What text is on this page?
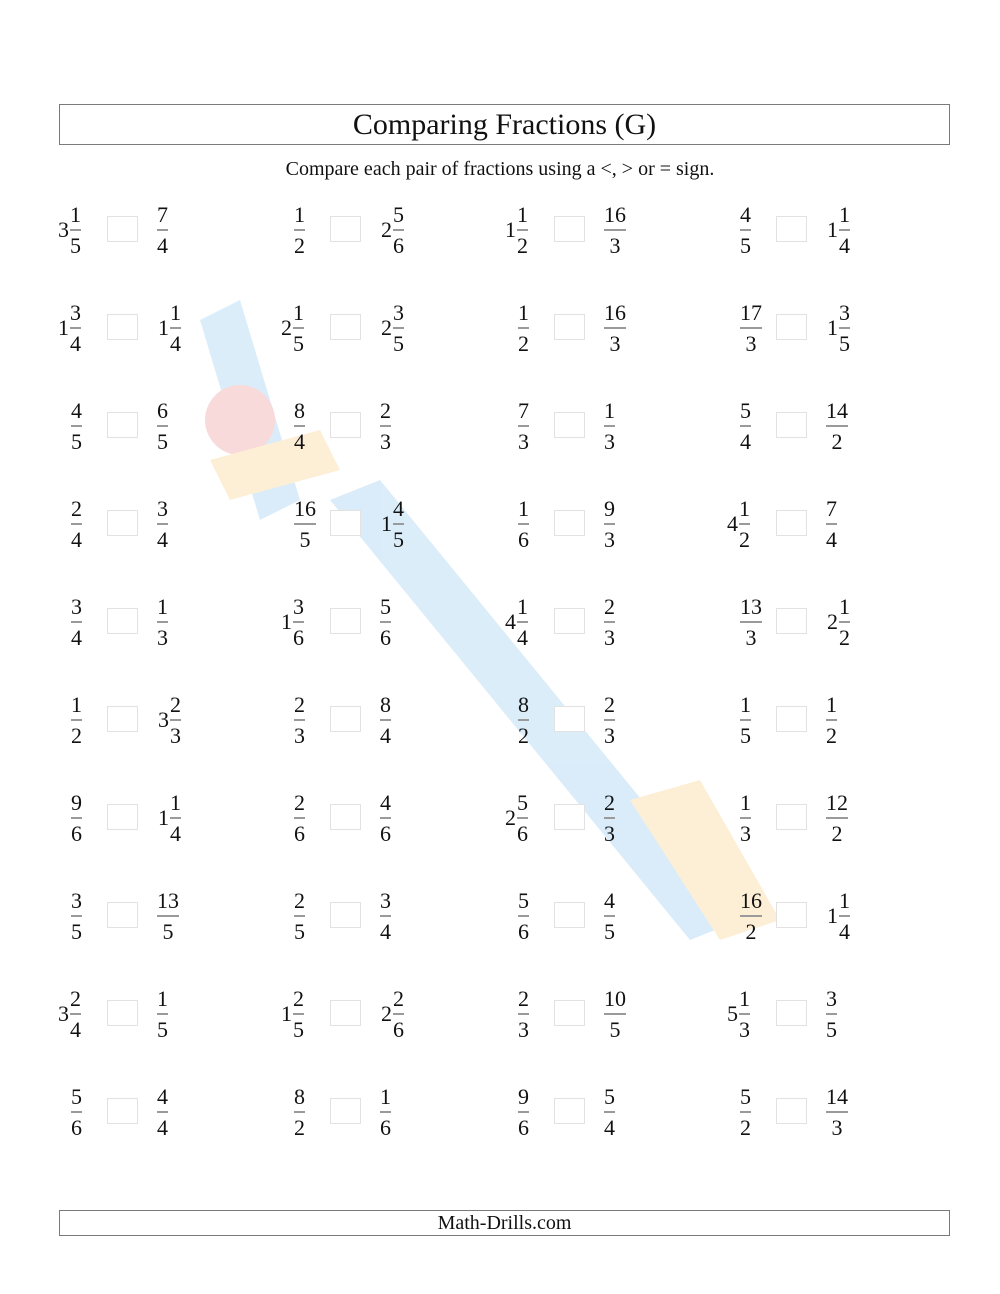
Comparing Fractions (G)
Compare each pair of fractions using a <, > or = sign.
$3 \frac{1}{5}$	$\frac{7}{4}$	$\frac{1}{2}$	$2 \frac{5}{6}$	$1 \frac{1}{2}$	$\frac{16}{3}$	$\frac{4}{5}$	$1 \frac{1}{4}$
$1 \frac{3}{4}$	$1 \frac{1}{4}$	$2 \frac{1}{5}$	$2 \frac{3}{5}$	$\frac{1}{2}$	$\frac{16}{3}$	$\frac{17}{3}$	$1 \frac{3}{5}$
$\frac{4}{5}$	$\frac{6}{5}$	$\frac{8}{4}$	$\frac{2}{3}$	$\frac{7}{3}$	$\frac{1}{3}$	$\frac{5}{4}$	$\frac{14}{2}$
$\frac{2}{4}$	$\frac{3}{4}$	$\frac{16}{5}$	$1 \frac{4}{5}$	$\frac{1}{6}$	$\frac{9}{3}$	$4 \frac{1}{2}$	$\frac{7}{4}$
$\frac{3}{4}$	$\frac{1}{3}$	$1 \frac{3}{6}$	$\frac{5}{6}$	$4 \frac{1}{4}$	$\frac{2}{3}$	$\frac{13}{3}$	$2 \frac{1}{2}$
$\frac{1}{2}$	$3 \frac{2}{3}$	$\frac{2}{3}$	$\frac{8}{4}$	$\frac{8}{2}$	$\frac{2}{3}$	$\frac{1}{5}$	$\frac{1}{2}$
$\frac{9}{6}$	$1 \frac{1}{4}$	$\frac{2}{6}$	$\frac{4}{6}$	$2 \frac{5}{6}$	$\frac{2}{3}$	$\frac{1}{3}$	$\frac{12}{2}$
$\frac{3}{5}$	$\frac{13}{5}$	$\frac{2}{5}$	$\frac{3}{4}$	$\frac{5}{6}$	$\frac{4}{5}$	$\frac{16}{2}$	$1 \frac{1}{4}$
$3 \frac{2}{4}$	$\frac{1}{5}$	$1 \frac{2}{5}$	$2 \frac{2}{6}$	$\frac{2}{3}$	$\frac{10}{5}$	$5 \frac{1}{3}$	$\frac{3}{5}$
$\frac{5}{6}$	$\frac{4}{4}$	$\frac{8}{2}$	$\frac{1}{6}$	$\frac{9}{6}$	$\frac{5}{4}$	$\frac{5}{2}$	$\frac{14}{3}$
Math-Drills.com
